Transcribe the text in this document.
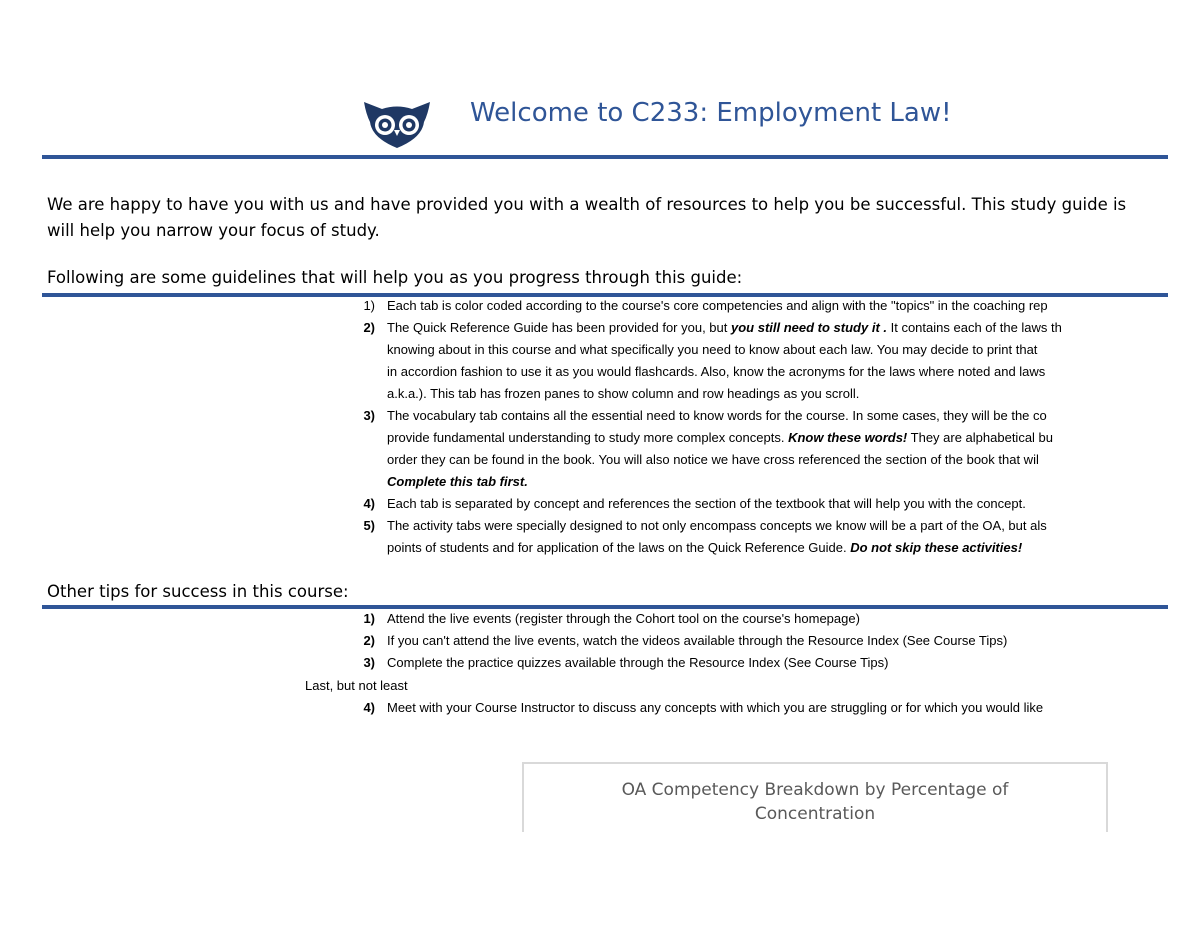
Welcome to C233: Employment Law!
We are happy to have you with us and have provided you with a wealth of resources to help you be successful. This study guide is
will help you narrow your focus of study.
Following are some guidelines that will help you as you progress through this guide:
1) Each tab is color coded according to the course's core competencies and align with the "topics" in the coaching rep
2) The Quick Reference Guide has been provided for you, but you still need to study it . It contains each of the laws th
knowing about in this course and what specifically you need to know about each law. You may decide to print that
in accordion fashion to use it as you would flashcards. Also, know the acronyms for the laws where noted and laws
a.k.a.). This tab has frozen panes to show column and row headings as you scroll.
3) The vocabulary tab contains all the essential need to know words for the course. In some cases, they will be the co
provide fundamental understanding to study more complex concepts. Know these words! They are alphabetical bu
order they can be found in the book. You will also notice we have cross referenced the section of the book that wil
Complete this tab first.
4) Each tab is separated by concept and references the section of the textbook that will help you with the concept.
5) The activity tabs were specially designed to not only encompass concepts we know will be a part of the OA, but als
points of students and for application of the laws on the Quick Reference Guide. Do not skip these activities!
Other tips for success in this course:
1) Attend the live events (register through the Cohort tool on the course's homepage)
2) If you can't attend the live events, watch the videos available through the Resource Index (See Course Tips)
3) Complete the practice quizzes available through the Resource Index (See Course Tips)
Last, but not least
4) Meet with your Course Instructor to discuss any concepts with which you are struggling or for which you would like
OA Competency Breakdown by Percentage of
Concentration
